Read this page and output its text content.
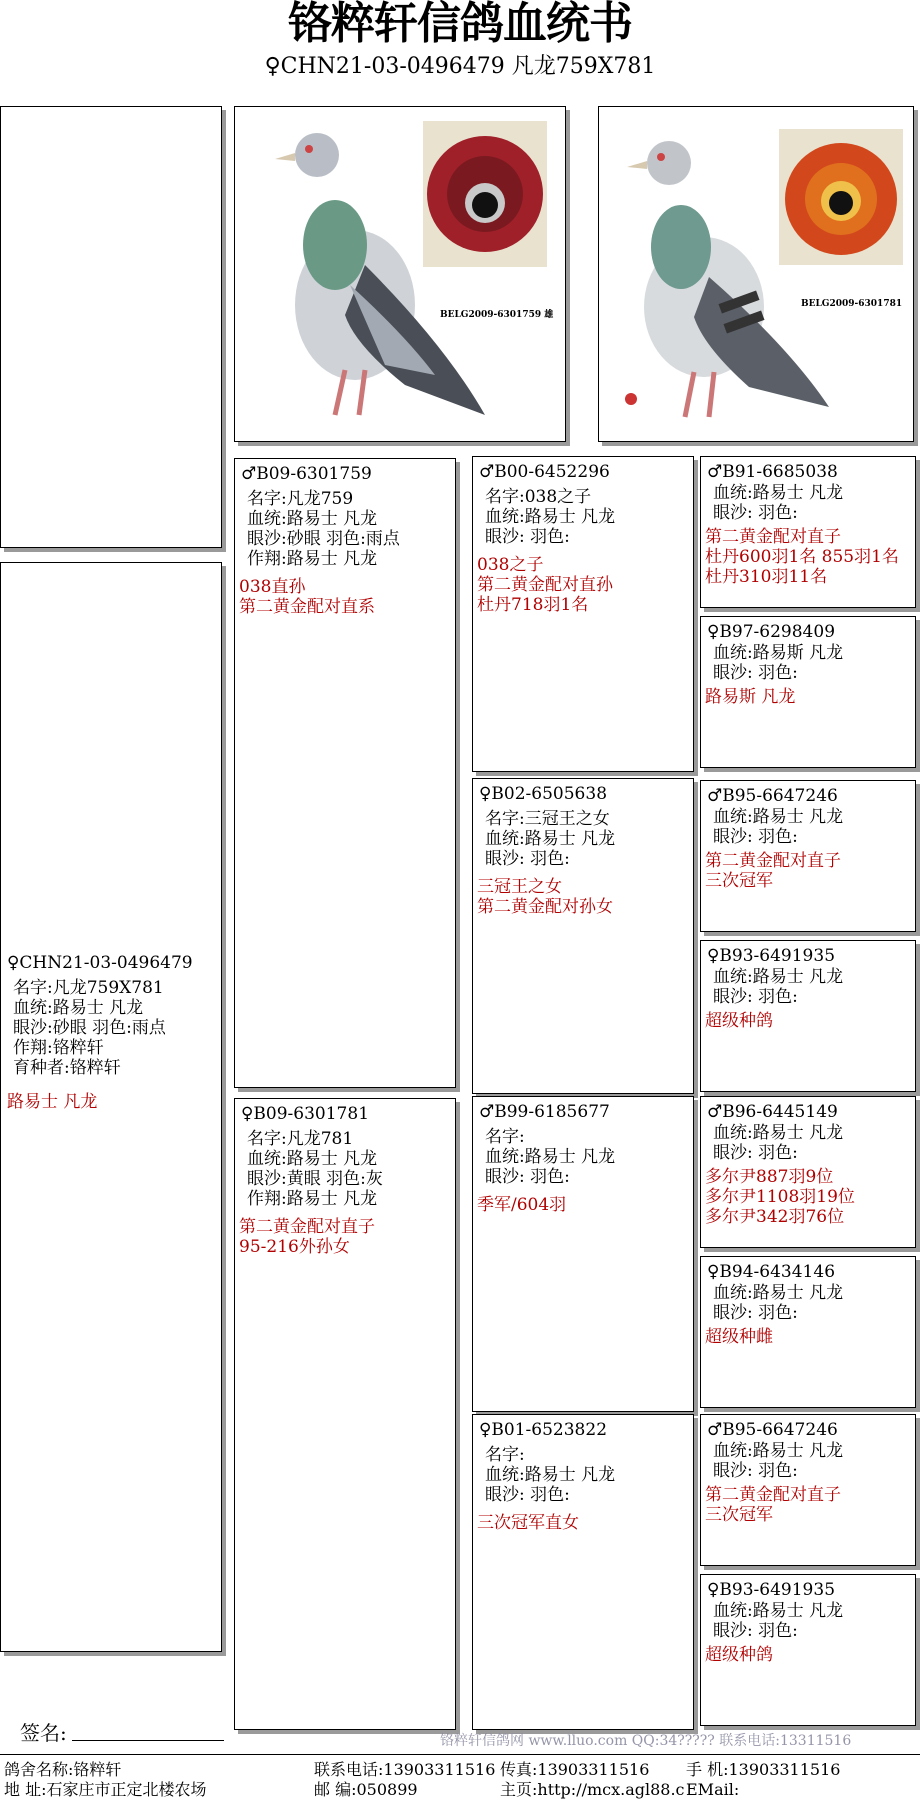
铬粹轩信鸽血统书
♀CHN21-03-0496479 凡龙759X781
BELG2009-6301759 雄
BELG2009-6301781
♀CHN21-03-0496479
名字:凡龙759X781
血统:路易士 凡龙
眼沙:砂眼 羽色:雨点
作翔:铬粹轩
育种者:铬粹轩
路易士 凡龙
♂B09-6301759
名字:凡龙759
血统:路易士 凡龙
眼沙:砂眼 羽色:雨点
作翔:路易士 凡龙
038直孙
第二黄金配对直系
♀B09-6301781
名字:凡龙781
血统:路易士 凡龙
眼沙:黄眼 羽色:灰
作翔:路易士 凡龙
第二黄金配对直子
95-216外孙女
♂B00-6452296
名字:038之子
血统:路易士 凡龙
眼沙: 羽色:
038之子
第二黄金配对直孙
杜丹718羽1名
♀B02-6505638
名字:三冠王之女
血统:路易士 凡龙
眼沙: 羽色:
三冠王之女
第二黄金配对孙女
♂B99-6185677
名字:
血统:路易士 凡龙
眼沙: 羽色:
季军/604羽
♀B01-6523822
名字:
血统:路易士 凡龙
眼沙: 羽色:
三次冠军直女
♂B91-6685038
血统:路易士 凡龙
眼沙: 羽色:
第二黄金配对直子
杜丹600羽1名 855羽1名
杜丹310羽11名
♀B97-6298409
血统:路易斯 凡龙
眼沙: 羽色:
路易斯 凡龙
♂B95-6647246
血统:路易士 凡龙
眼沙: 羽色:
第二黄金配对直子
三次冠军
♀B93-6491935
血统:路易士 凡龙
眼沙: 羽色:
超级种鸽
♂B96-6445149
血统:路易士 凡龙
眼沙: 羽色:
多尔尹887羽9位
多尔尹1108羽19位
多尔尹342羽76位
♀B94-6434146
血统:路易士 凡龙
眼沙: 羽色:
超级种雌
♂B95-6647246
血统:路易士 凡龙
眼沙: 羽色:
第二黄金配对直子
三次冠军
♀B93-6491935
血统:路易士 凡龙
眼沙: 羽色:
超级种鸽
签名:	铬粹轩信鸽网 www.lluo.com QQ:34????? 联系电话:13311516
鸽舍名称:铬粹轩
地 址:石家庄市正定北楼农场
联系电话:13903311516
邮 编:050899
传真:13903311516
主页:http://mcx.agl88.c
手 机:13903311516
EMail:
